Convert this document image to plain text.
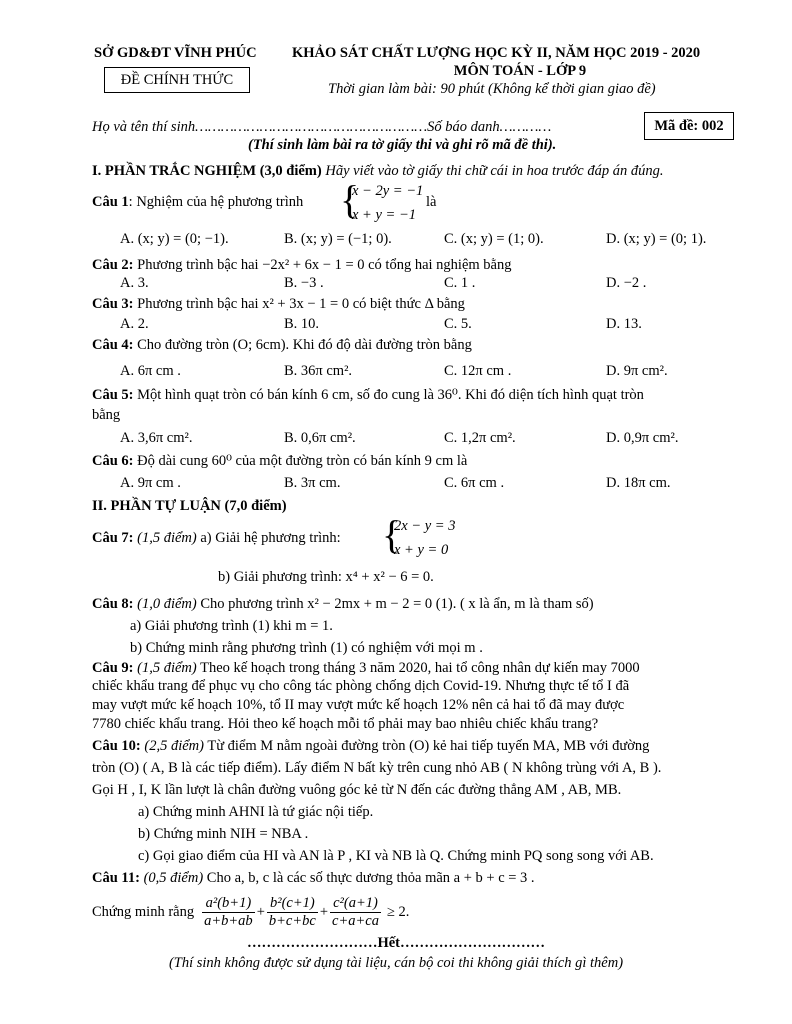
SỞ GD&ĐT VĨNH PHÚC
ĐỀ CHÍNH THỨC
KHẢO SÁT CHẤT LƯỢNG HỌC KỲ II, NĂM HỌC 2019 - 2020
MÔN TOÁN - LỚP 9
Thời gian làm bài: 90 phút (Không kể thời gian giao đề)
Họ và tên thí sinh………………………………………………Số báo danh…………	Mã đề: 002
(Thí sinh làm bài ra tờ giấy thi và ghi rõ mã đề thi).
I. PHẦN TRẮC NGHIỆM (3,0 điểm) Hãy viết vào tờ giấy thi chữ cái in hoa trước đáp án đúng.
Câu 1: Nghiệm của hệ phương trình {
x − 2y = −1
x + y = −1
là
A. (x; y) = (0; −1).	B. (x; y) = (−1; 0).	C. (x; y) = (1; 0).	D. (x; y) = (0; 1).
Câu 2: Phương trình bậc hai −2x² + 6x − 1 = 0 có tổng hai nghiệm bằng
A. 3.	B. −3 .	C. 1 .	D. −2 .
Câu 3: Phương trình bậc hai x² + 3x − 1 = 0 có biệt thức Δ bằng
A. 2.	B. 10.	C. 5.	D. 13.
Câu 4: Cho đường tròn (O; 6cm). Khi đó độ dài đường tròn bằng
A. 6π cm .	B. 36π cm².	C. 12π cm .	D. 9π cm².
Câu 5: Một hình quạt tròn có bán kính 6 cm, số đo cung là 36⁰. Khi đó diện tích hình quạt tròn
bằng
A. 3,6π cm².	B. 0,6π cm².	C. 1,2π cm².	D. 0,9π cm².
Câu 6: Độ dài cung 60⁰ của một đường tròn có bán kính 9 cm là
A. 9π cm .	B. 3π cm.	C. 6π cm .	D. 18π cm.
II. PHẦN TỰ LUẬN (7,0 điểm)
Câu 7: (1,5 điểm) a) Giải hệ phương trình: {
2x − y = 3
x + y = 0
b) Giải phương trình: x⁴ + x² − 6 = 0.
Câu 8: (1,0 điểm) Cho phương trình x² − 2mx + m − 2 = 0 (1). ( x là ẩn, m là tham số)
a) Giải phương trình (1) khi m = 1.
b) Chứng minh rằng phương trình (1) có nghiệm với mọi m .
Câu 9: (1,5 điểm) Theo kế hoạch trong tháng 3 năm 2020, hai tổ công nhân dự kiến may 7000
chiếc khẩu trang để phục vụ cho công tác phòng chống dịch Covid-19. Nhưng thực tế tổ I đã
may vượt mức kế hoạch 10%, tổ II may vượt mức kế hoạch 12% nên cả hai tổ đã may được
7780 chiếc khẩu trang. Hỏi theo kế hoạch mỗi tổ phải may bao nhiêu chiếc khẩu trang?
Câu 10: (2,5 điểm) Từ điểm M nằm ngoài đường tròn (O) kẻ hai tiếp tuyến MA, MB với đường
tròn (O) ( A, B là các tiếp điểm). Lấy điểm N bất kỳ trên cung nhỏ AB ( N không trùng với A, B ).
Gọi H , I, K lần lượt là chân đường vuông góc kẻ từ N đến các đường thẳng AM , AB, MB.
a) Chứng minh AHNI là tứ giác nội tiếp.
b) Chứng minh NIH = NBA .
c) Gọi giao điểm của HI và AN là P , KI và NB là Q. Chứng minh PQ song song với AB.
Câu 11: (0,5 điểm) Cho a, b, c là các số thực dương thỏa mãn a + b + c = 3 .
Chứng minh rằng $\frac{\text{a²(b+1)}}{a+b+ab} + \frac{\text{b²(c+1)}}{b+c+bc} + \frac{\text{c²(a+1)}}{c+a+ca} \ge 2$.
………………………Hết…………………………
(Thí sinh không được sử dụng tài liệu, cán bộ coi thi không giải thích gì thêm)
